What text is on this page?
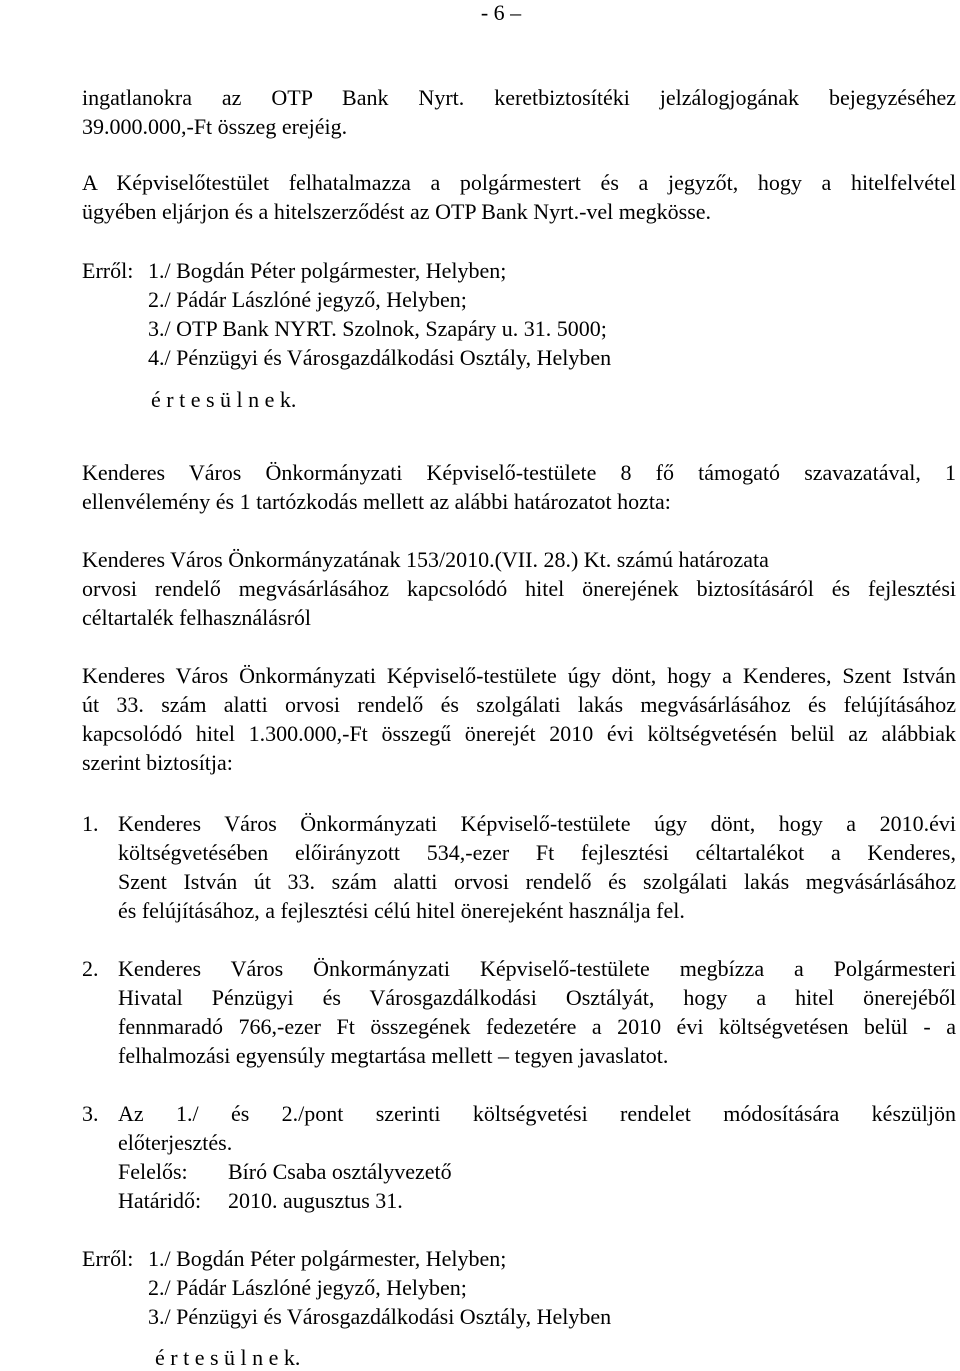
- 6 –
ingatlanokra az OTP Bank Nyrt. keretbiztosítéki jelzálogjogának bejegyzéséhez
39.000.000,-Ft összeg erejéig.
A Képviselőtestület felhatalmazza a polgármestert és a jegyzőt, hogy a hitelfelvétel
ügyében eljárjon és a hitelszerződést az OTP Bank Nyrt.-vel megkösse.
Erről: 1./ Bogdán Péter polgármester, Helyben;
2./ Pádár Lászlóné jegyző, Helyben;
3./ OTP Bank NYRT. Szolnok, Szapáry u. 31. 5000;
4./ Pénzügyi és Városgazdálkodási Osztály, Helyben
é r t e s ü l n e k.
Kenderes Város Önkormányzati Képviselő-testülete 8 fő támogató szavazatával, 1
ellenvélemény és 1 tartózkodás mellett az alábbi határozatot hozta:
Kenderes Város Önkormányzatának 153/2010.(VII. 28.) Kt. számú határozata
orvosi rendelő megvásárlásához kapcsolódó hitel önerejének biztosításáról és fejlesztési
céltartalék felhasználásról
Kenderes Város Önkormányzati Képviselő-testülete úgy dönt, hogy a Kenderes, Szent István
út 33. szám alatti orvosi rendelő és szolgálati lakás megvásárlásához és felújításához
kapcsolódó hitel 1.300.000,-Ft összegű önerejét 2010 évi költségvetésén belül az alábbiak
szerint biztosítja:
1. Kenderes Város Önkormányzati Képviselő-testülete úgy dönt, hogy a 2010.évi
költségvetésében előirányzott 534,-ezer Ft fejlesztési céltartalékot a Kenderes,
Szent István út 33. szám alatti orvosi rendelő és szolgálati lakás megvásárlásához
és felújításához, a fejlesztési célú hitel önerejeként használja fel.
2. Kenderes Város Önkormányzati Képviselő-testülete megbízza a Polgármesteri
Hivatal Pénzügyi és Városgazdálkodási Osztályát, hogy a hitel önerejéből
fennmaradó 766,-ezer Ft összegének fedezetére a 2010 évi költségvetésen belül - a
felhalmozási egyensúly megtartása mellett – tegyen javaslatot.
3. Az 1./ és 2./pont szerinti költségvetési rendelet módosítására készüljön
előterjesztés.
Felelős: Bíró Csaba osztályvezető
Határidő: 2010. augusztus 31.
Erről: 1./ Bogdán Péter polgármester, Helyben;
2./ Pádár Lászlóné jegyző, Helyben;
3./ Pénzügyi és Városgazdálkodási Osztály, Helyben
é r t e s ü l n e k.
